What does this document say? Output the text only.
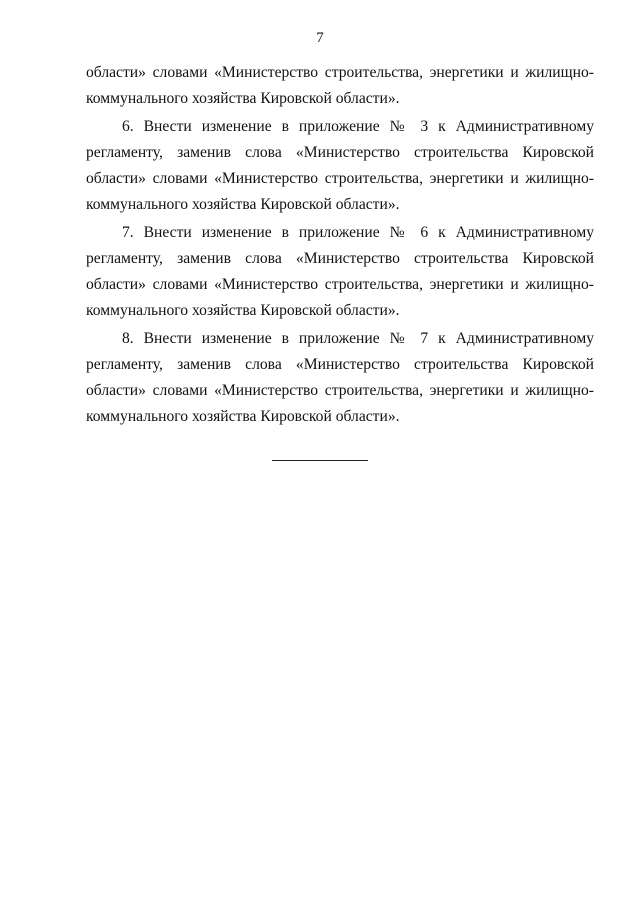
7
области» словами «Министерство строительства, энергетики и жилищно-
коммунального хозяйства Кировской области».
6. Внести изменение в приложение № 3 к Административному
регламенту, заменив слова «Министерство строительства Кировской
области» словами «Министерство строительства, энергетики и жилищно-
коммунального хозяйства Кировской области».
7. Внести изменение в приложение № 6 к Административному
регламенту, заменив слова «Министерство строительства Кировской
области» словами «Министерство строительства, энергетики и жилищно-
коммунального хозяйства Кировской области».
8. Внести изменение в приложение № 7 к Административному
регламенту, заменив слова «Министерство строительства Кировской
области» словами «Министерство строительства, энергетики и жилищно-
коммунального хозяйства Кировской области».
